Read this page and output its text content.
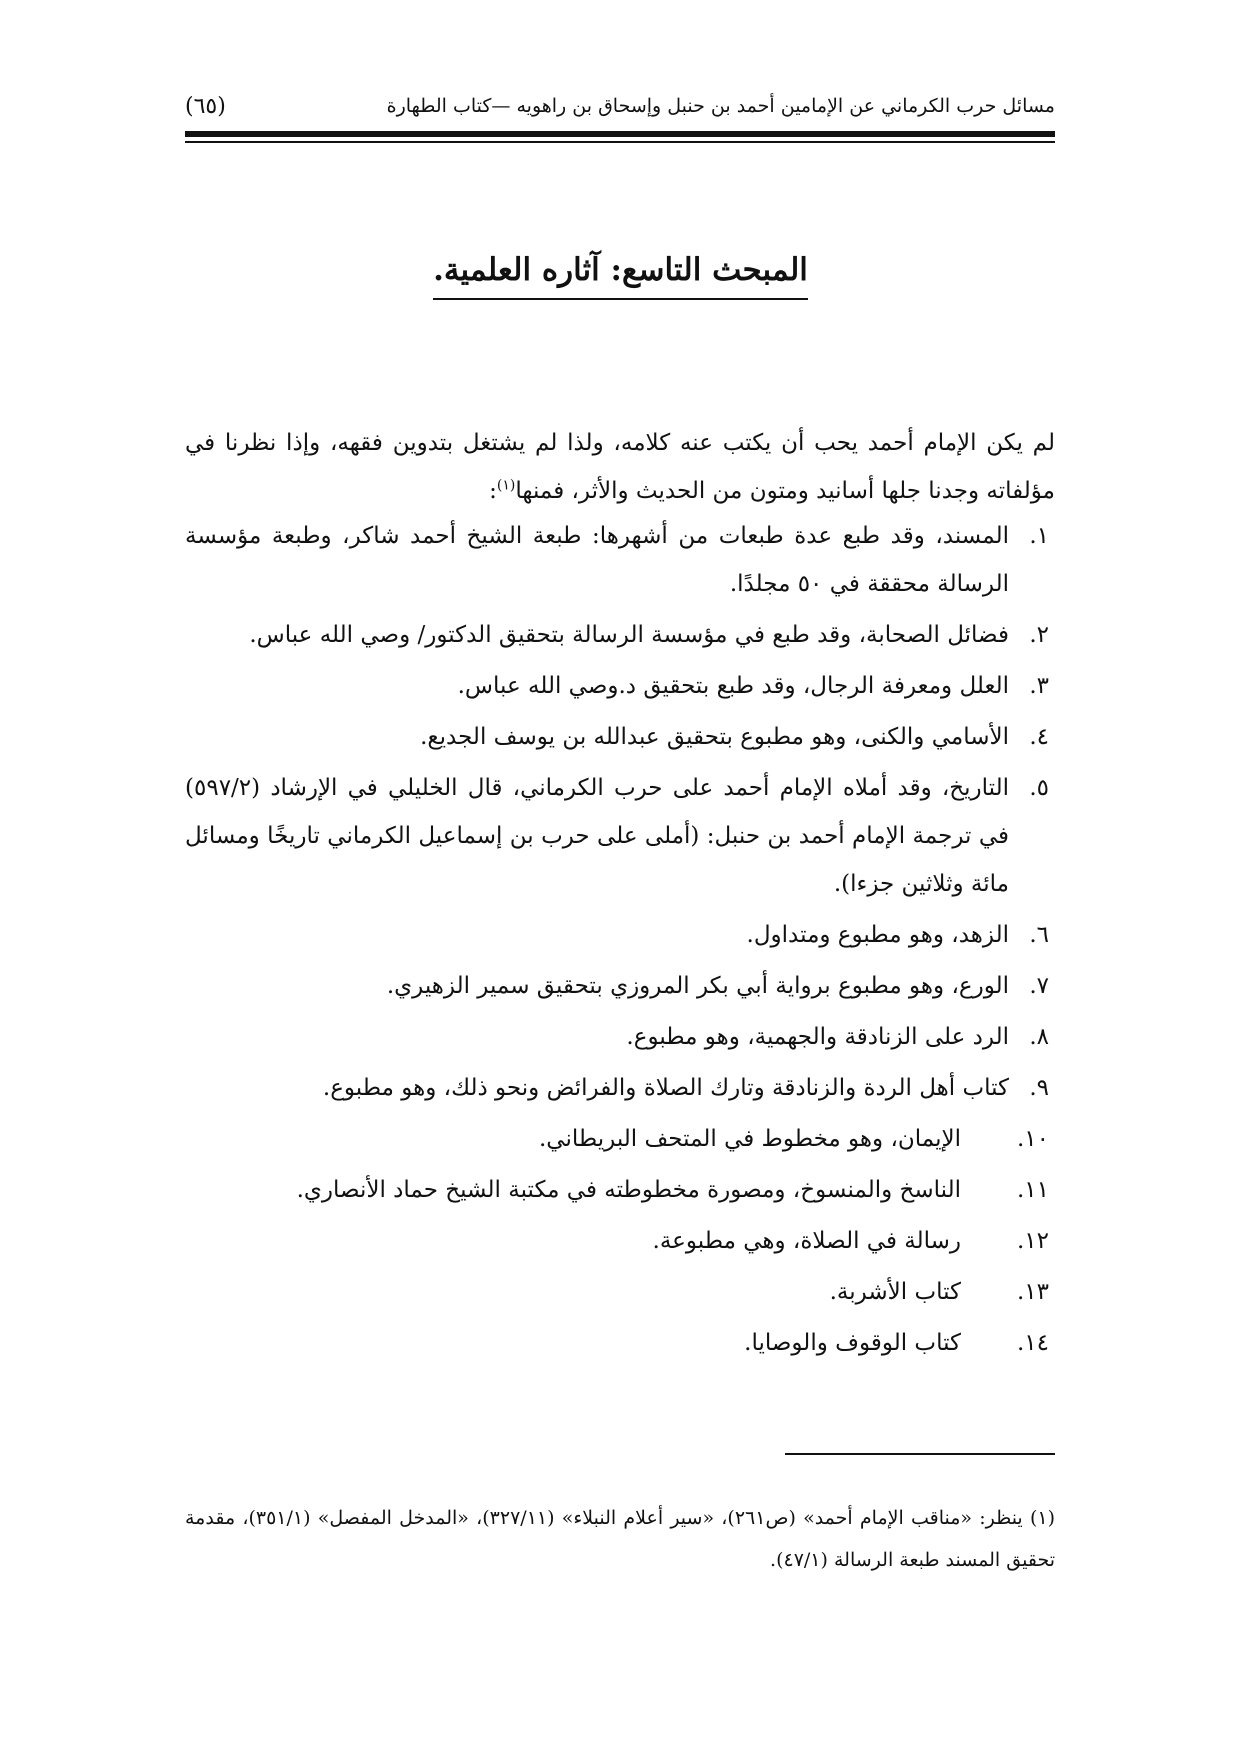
مسائل حرب الكرماني عن الإمامين أحمد بن حنبل وإسحاق بن راهويه —كتاب الطهارة
(٦٥)
المبحث التاسع: آثاره العلمية.

لم يكن الإمام أحمد يحب أن يكتب عنه كلامه، ولذا لم يشتغل بتدوين فقهه، وإذا نظرنا في مؤلفاته وجدنا جلها أسانيد ومتون من الحديث والأثر، فمنها$^{(١)}$:

١.
المسند، وقد طبع عدة طبعات من أشهرها: طبعة الشيخ أحمد شاكر، وطبعة مؤسسة الرسالة محققة في ٥٠ مجلدًا.
٢.
فضائل الصحابة، وقد طبع في مؤسسة الرسالة بتحقيق الدكتور/ وصي الله عباس.
٣.
العلل ومعرفة الرجال، وقد طبع بتحقيق د.وصي الله عباس.
٤.
الأسامي والكنى، وهو مطبوع بتحقيق عبدالله بن يوسف الجديع.
٥.
التاريخ، وقد أملاه الإمام أحمد على حرب الكرماني، قال الخليلي في الإرشاد (٥٩٧/٢) في ترجمة الإمام أحمد بن حنبل: (أملى على حرب بن إسماعيل الكرماني تاريخًا ومسائل مائة وثلاثين جزءا).
٦.
الزهد، وهو مطبوع ومتداول.
٧.
الورع، وهو مطبوع برواية أبي بكر المروزي بتحقيق سمير الزهيري.
٨.
الرد على الزنادقة والجهمية، وهو مطبوع.
٩.
كتاب أهل الردة والزنادقة وتارك الصلاة والفرائض ونحو ذلك، وهو مطبوع.
١٠.
الإيمان، وهو مخطوط في المتحف البريطاني.
١١.
الناسخ والمنسوخ، ومصورة مخطوطته في مكتبة الشيخ حماد الأنصاري.
١٢.
رسالة في الصلاة، وهي مطبوعة.
١٣.
كتاب الأشربة.
١٤.
كتاب الوقوف والوصايا.

(١) ينظر: «مناقب الإمام أحمد» (ص٢٦١)، «سير أعلام النبلاء» (٣٢٧/١١)، «المدخل المفصل» (٣٥١/١)، مقدمة تحقيق المسند طبعة الرسالة (٤٧/١).
